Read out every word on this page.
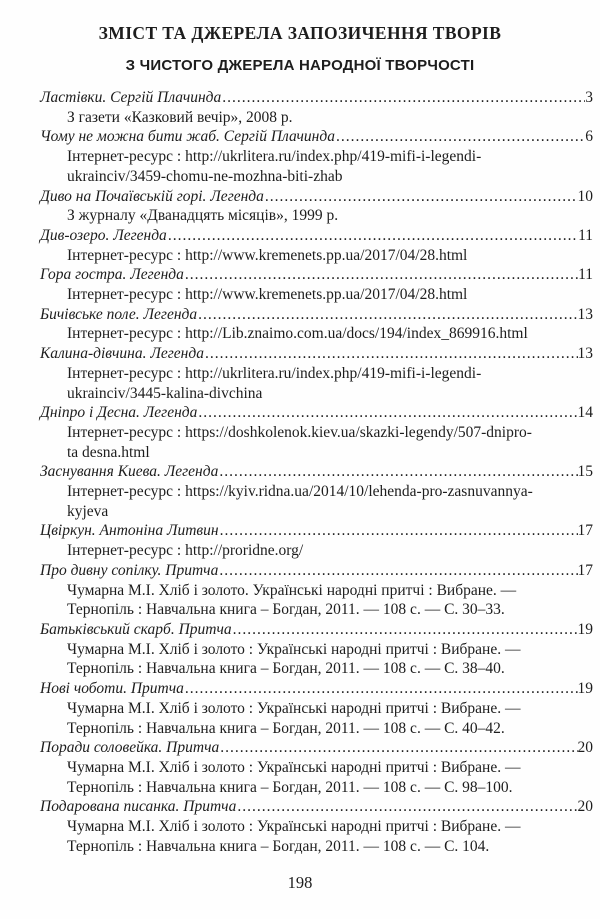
ЗМІСТ ТА ДЖЕРЕЛА ЗАПОЗИЧЕННЯ ТВОРІВ
З ЧИСТОГО ДЖЕРЕЛА НАРОДНОЇ ТВОРЧОСТІ
Ластівки. Сергій Плачинда .....	3
З газети «Казковий вечір», 2008 р.
Чому не можна бити жаб. Сергій Плачинда .....	6
Інтернет-ресурс : http://ukrlitera.ru/index.php/419-mifi-i-legendi-
ukrainciv/3459-chomu-ne-mozhna-biti-zhab
Диво на Почаївській горі. Легенда .....	10
З журналу «Дванадцять місяців», 1999 р.
Див-озеро. Легенда .....	11
Інтернет-ресурс : http://www.kremenets.pp.ua/2017/04/28.html
Гора гостра. Легенда .....	11
Інтернет-ресурс : http://www.kremenets.pp.ua/2017/04/28.html
Бичівське поле. Легенда .....	13
Інтернет-ресурс : http://Lib.znaimo.com.ua/docs/194/index_869916.html
Калина-дівчина. Легенда .....	13
Інтернет-ресурс : http://ukrlitera.ru/index.php/419-mifi-i-legendi-
ukrainciv/3445-kalina-divchina
Дніпро і Десна. Легенда .....	14
Інтернет-ресурс : https://doshkolenok.kiev.ua/skazki-legendy/507-dnipro-
ta desna.html
Заснування Киева. Легенда .....	15
Інтернет-ресурс : https://kyiv.ridna.ua/2014/10/lehenda-pro-zasnuvannya-
kyjeva
Цвіркун. Антоніна Литвин .....	17
Інтернет-ресурс : http://proridne.org/
Про дивну сопілку. Притча .....	17
Чумарна М.І. Хліб і золото. Українські народні притчі : Вибране. —
Тернопіль : Навчальна книга – Богдан, 2011. — 108 с. — С. 30–33.
Батьківський скарб. Притча .....	19
Чумарна М.І. Хліб і золото : Українські народні притчі : Вибране. —
Тернопіль : Навчальна книга – Богдан, 2011. — 108 с. — С. 38–40.
Нові чоботи. Притча .....	19
Чумарна М.І. Хліб і золото : Українські народні притчі : Вибране. —
Тернопіль : Навчальна книга – Богдан, 2011. — 108 с. — С. 40–42.
Поради соловейка. Притча .....	20
Чумарна М.І. Хліб і золото : Українські народні притчі : Вибране. —
Тернопіль : Навчальна книга – Богдан, 2011. — 108 с. — С. 98–100.
Подарована писанка. Притча .....	20
Чумарна М.І. Хліб і золото : Українські народні притчі : Вибране. —
Тернопіль : Навчальна книга – Богдан, 2011. — 108 с. — С. 104.
198
